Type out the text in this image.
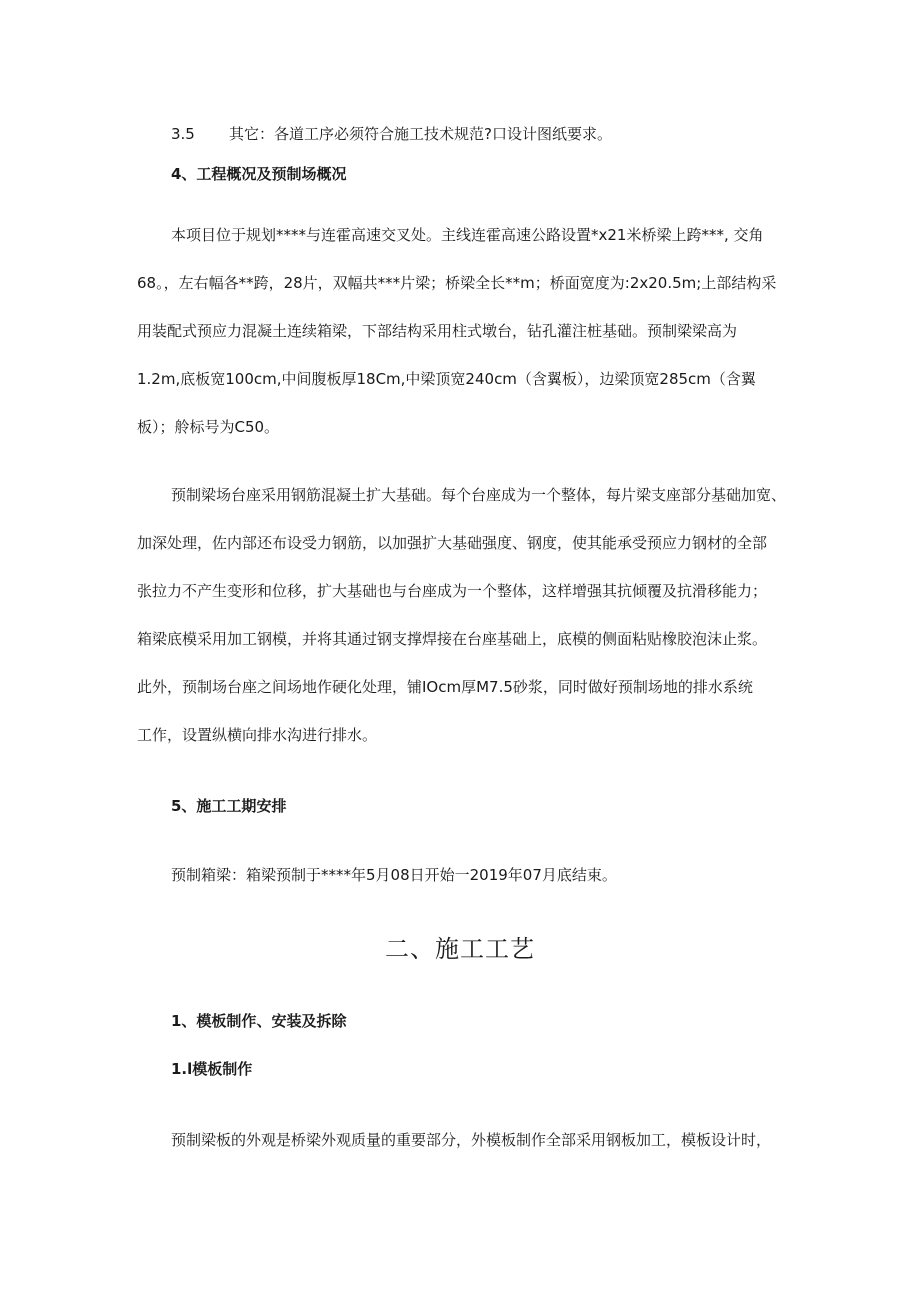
3.5 其它：各道工序必须符合施工技术规范?口设计图纸要求。
4、工程概况及预制场概况
本项目位于规划****与连霍高速交叉处。主线连霍高速公路设置*x21米桥梁上跨***, 交角
68。，左右幅各**跨，28片，双幅共***片梁；桥梁全长**m；桥面宽度为:2x20.5m;上部结构采
用装配式预应力混凝土连续箱梁，下部结构采用柱式墩台，钻孔灌注桩基础。预制梁梁高为
1.2m,底板宽100cm,中间腹板厚18Cm,中梁顶宽240cm（含翼板），边梁顶宽285cm（含翼
板）；舲标号为C50。
预制梁场台座采用钢筋混凝土扩大基础。每个台座成为一个整体，每片梁支座部分基础加宽、
加深处理，佐内部还布设受力钢筋，以加强扩大基础强度、钢度，使其能承受预应力钢材的全部
张拉力不产生变形和位移，扩大基础也与台座成为一个整体，这样增强其抗倾覆及抗滑移能力；
箱梁底模采用加工钢模，并将其通过钢支撑焊接在台座基础上，底模的侧面粘贴橡胶泡沫止浆。
此外，预制场台座之间场地作硬化处理，铺IOcm厚M7.5砂浆，同时做好预制场地的排水系统
工作，设置纵横向排水沟进行排水。
5、施工工期安排
预制箱梁：箱梁预制于****年5月08日开始一2019年07月底结束。
二、施工工艺
1、模板制作、安装及拆除
1.l模板制作
预制梁板的外观是桥梁外观质量的重要部分，外模板制作全部采用钢板加工，模板设计时，
